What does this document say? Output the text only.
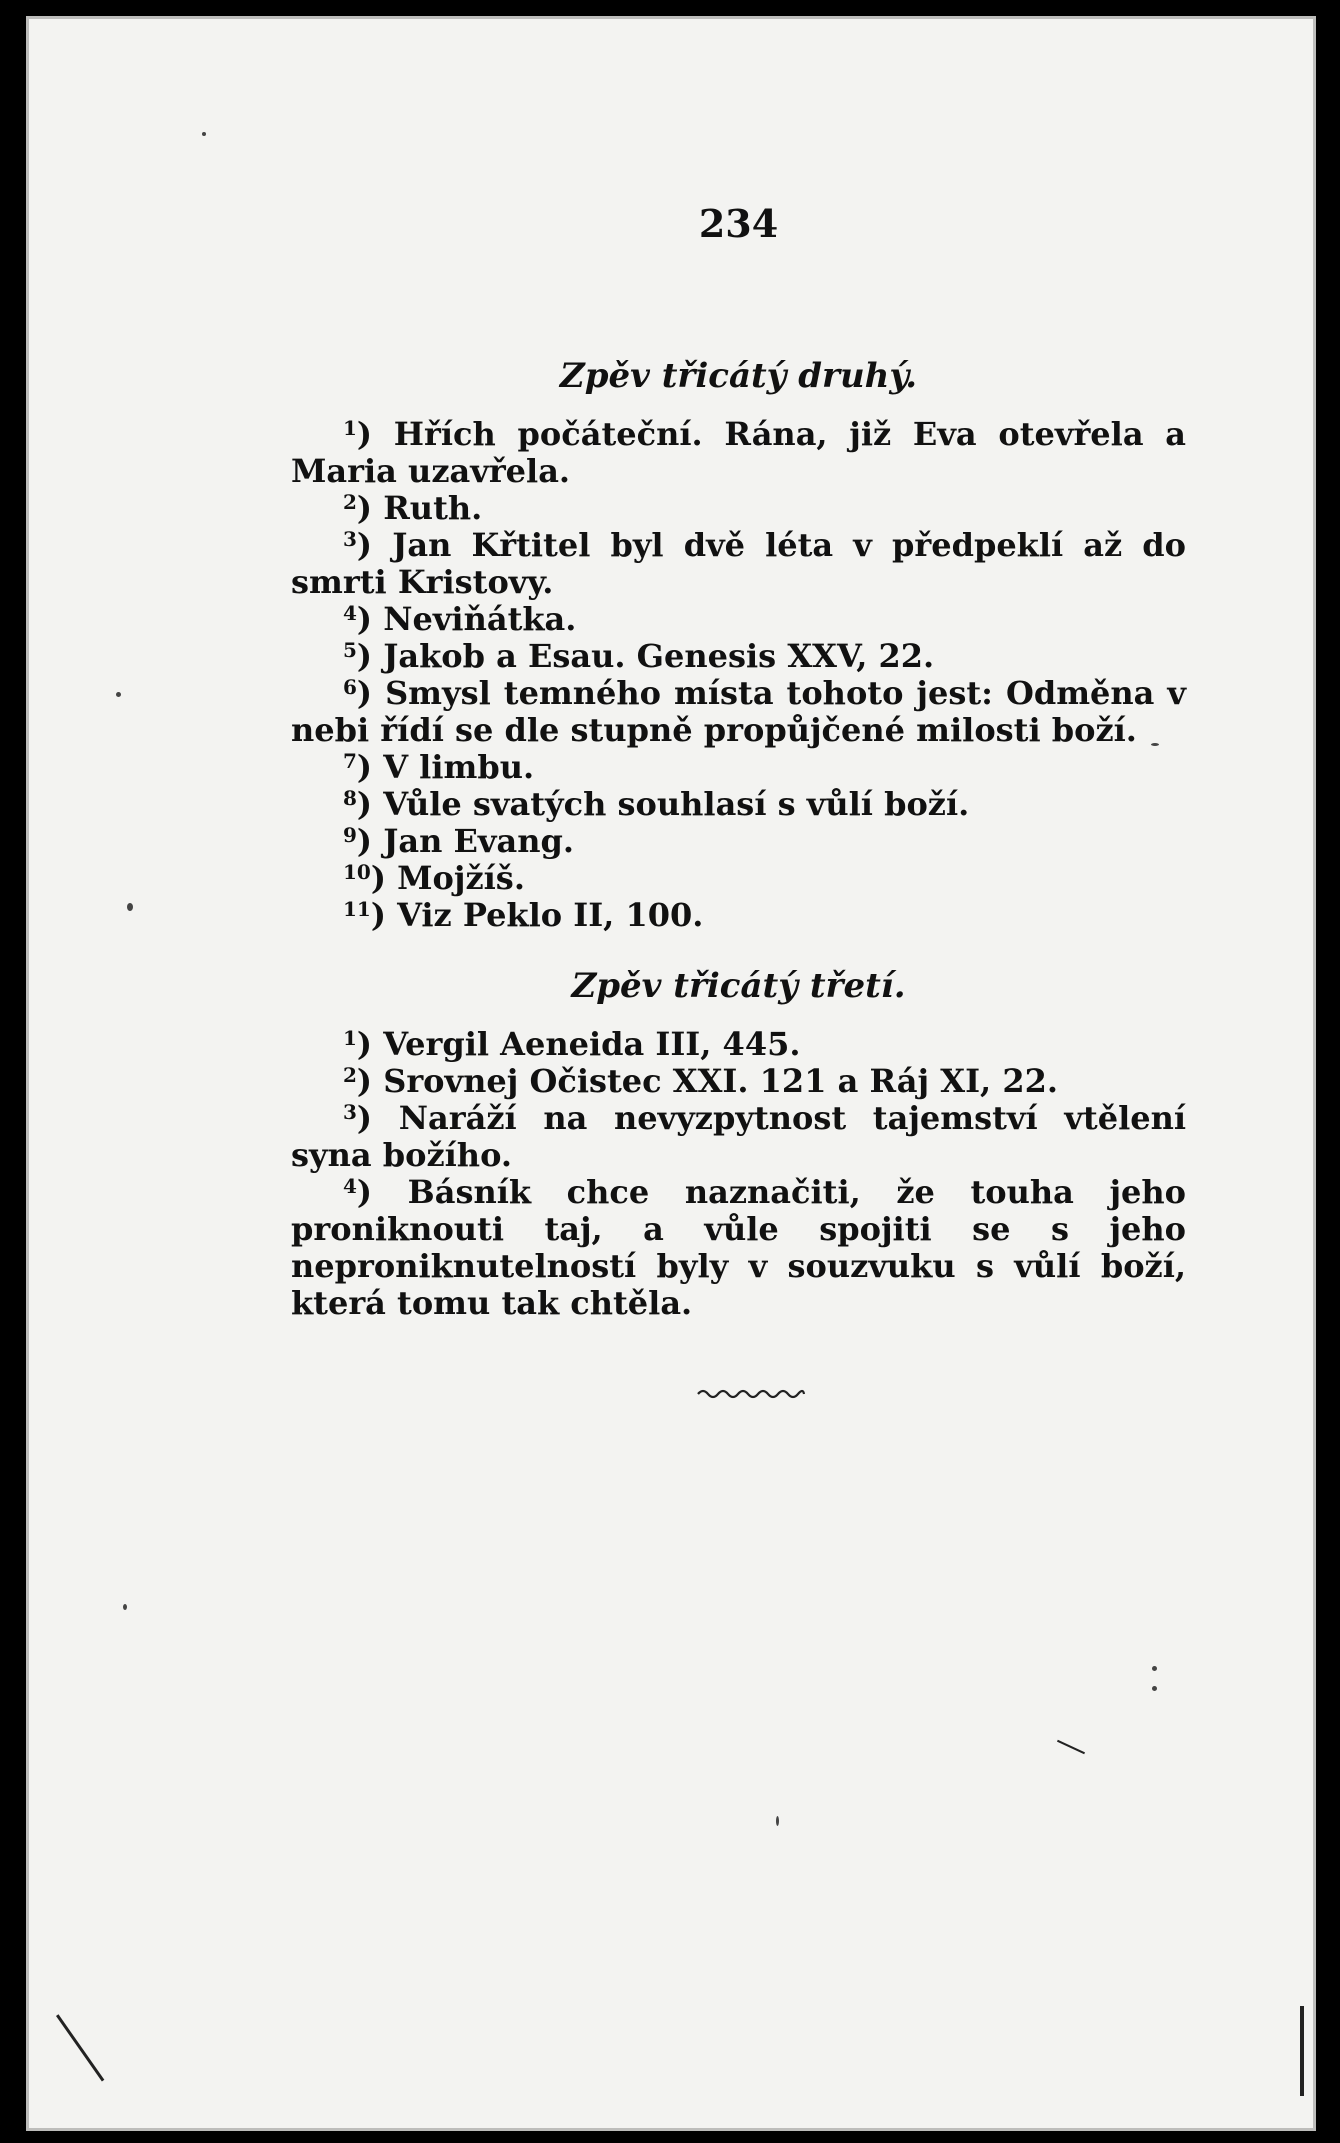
234
Zpěv třicátý druhý.
$^1$) Hřích počáteční. Rána, již Eva otevřela a Maria uzavřela.
$^2$) Ruth.
$^3$) Jan Křtitel byl dvě léta v předpeklí až do smrti Kristovy.
$^4$) Neviňátka.
$^5$) Jakob a Esau. Genesis XXV, 22.
$^6$) Smysl temného místa tohoto jest: Odměna v nebi řídí se dle stupně propůjčené milosti boží.
$^7$) V limbu.
$^8$) Vůle svatých souhlasí s vůlí boží.
$^9$) Jan Evang.
$^{10}$) Mojžíš.
$^{11}$) Viz Peklo II, 100.
Zpěv třicátý třetí.
$^1$) Vergil Aeneida III, 445.
$^2$) Srovnej Očistec XXI. 121 a Ráj XI, 22.
$^3$) Naráží na nevyzpytnost tajemství vtělení syna božího.
$^4$) Básník chce naznačiti, že touha jeho proniknouti taj, a vůle spojiti se s jeho neproniknutelností byly v souzvuku s vůlí boží, která tomu tak chtěla.
